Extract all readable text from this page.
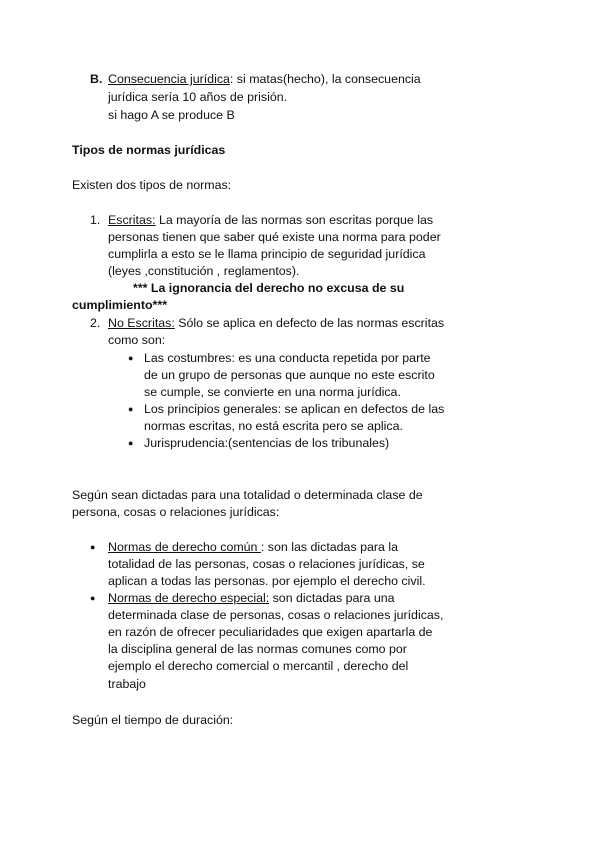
B. Consecuencia jurídica: si matas(hecho), la consecuencia
jurídica sería 10 años de prisión.
si hago A se produce B
Tipos de normas jurídicas
Existen dos tipos de normas:
1. Escritas: La mayoría de las normas son escritas porque las
personas tienen que saber qué existe una norma para poder
cumplirla a esto se le llama principio de seguridad jurídica
(leyes ,constitución , reglamentos).
*** La ignorancia del derecho no excusa de su
cumplimiento***
2. No Escritas: Sólo se aplica en defecto de las normas escritas
como son:
● Las costumbres: es una conducta repetida por parte
de un grupo de personas que aunque no este escrito
se cumple, se convierte en una norma jurídica.
● Los principios generales: se aplican en defectos de las
normas escritas, no está escrita pero se aplica.
● Jurisprudencia:(sentencias de los tribunales)
Según sean dictadas para una totalidad o determinada clase de
persona, cosas o relaciones jurídicas:
● Normas de derecho común : son las dictadas para la
totalidad de las personas, cosas o relaciones jurídicas, se
aplican a todas las personas. por ejemplo el derecho civil.
● Normas de derecho especial: son dictadas para una
determinada clase de personas, cosas o relaciones jurídicas,
en razón de ofrecer peculiaridades que exigen apartarla de
la disciplina general de las normas comunes como por
ejemplo el derecho comercial o mercantil , derecho del
trabajo
Según el tiempo de duración:
